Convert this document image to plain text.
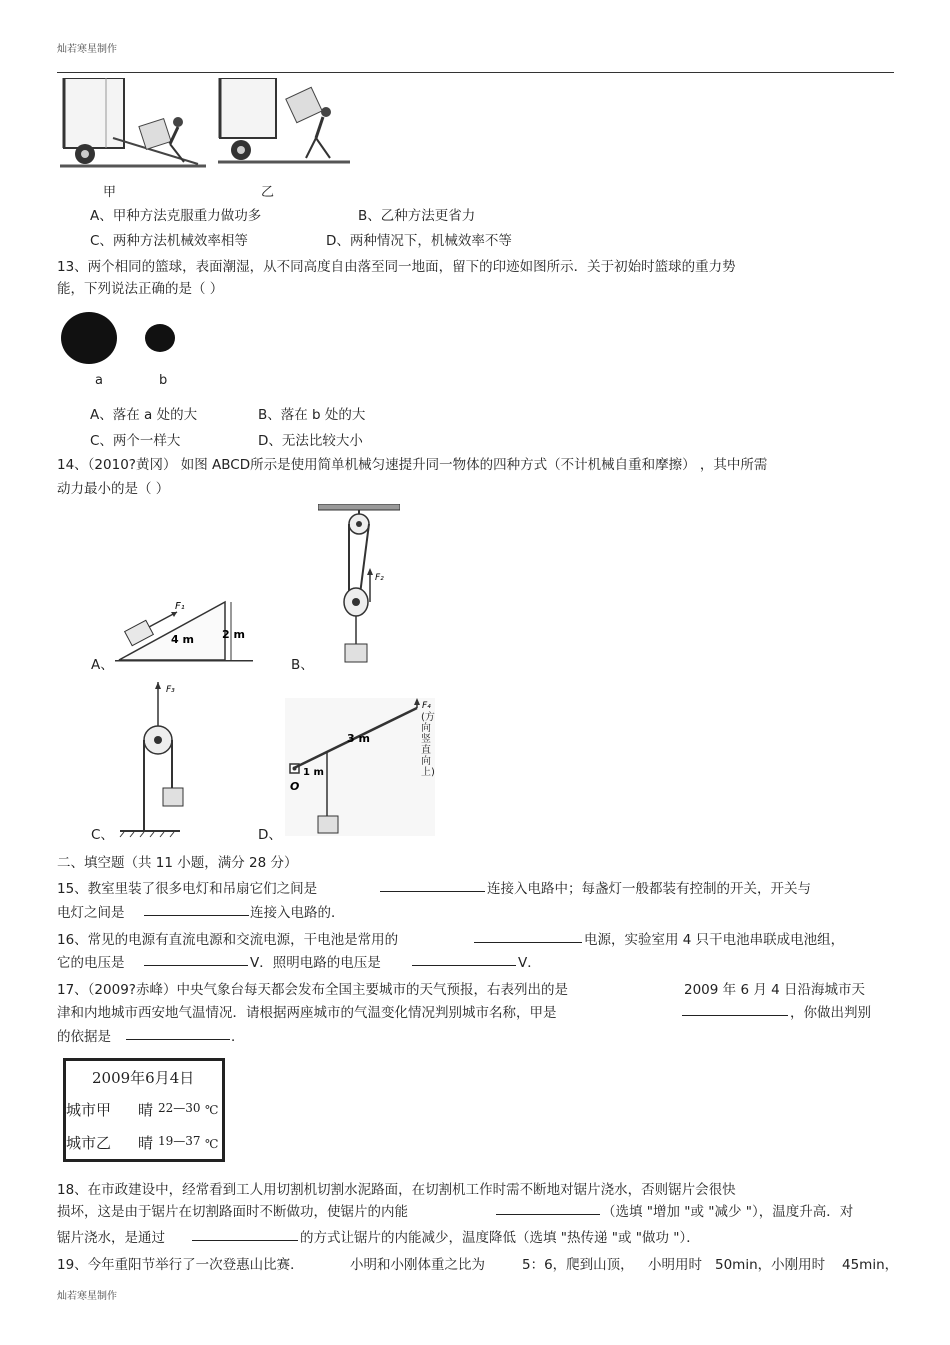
灿若寒星制作
灿若寒星制作
甲	乙
A、甲种方法克服重力做功多	B、乙种方法更省力
C、两种方法机械效率相等	D、两种情况下，机械效率不等
13、两个相同的篮球，表面潮湿，从不同高度自由落至同一地面，留下的印迹如图所示．关于初始时篮球的重力势
能，下列说法正确的是（ ）
a	b
A、落在 a 处的大	B、落在 b 处的大
C、两个一样大	D、无法比较大小
14、（2010?黄冈） 如图 ABCD所示是使用简单机械匀速提升同一物体的四种方式（不计机械自重和摩擦） ，其中所需
动力最小的是（ ）
F₁
4 m	2 m
A、
F₂
B、
F₃
C、
O
3 m
1 m
F₄
(方向竖直向上)
D、
二、填空题（共 11 小题，满分 28 分）
15、教室里装了很多电灯和吊扇它们之间是	连接入电路中；每盏灯一般都装有控制的开关，开关与
电灯之间是	连接入电路的．
16、常见的电源有直流电源和交流电源，干电池是常用的	电源，实验室用 4 只干电池串联成电池组，
它的电压是	V．照明电路的电压是	V．
17、（2009?赤峰）中央气象台每天都会发布全国主要城市的天气预报，右表列出的是	2009 年 6 月 4 日沿海城市天
津和内地城市西安地气温情况．请根据两座城市的气温变化情况判别城市名称，甲是	，你做出判别
的依据是	．
2009年6月4日
城市甲 晴 22—30 ℃
城市乙 晴 19—37 ℃
18、在市政建设中，经常看到工人用切割机切割水泥路面，在切割机工作时需不断地对锯片浇水，否则锯片会很快
损坏，这是由于锯片在切割路面时不断做功，使锯片的内能	（选填 "增加 "或 "减少 "），温度升高．对
锯片浇水，是通过	的方式让锯片的内能减少，温度降低（选填 "热传递 "或 "做功 "）．
19、今年重阳节举行了一次登惠山比赛．	小明和小刚体重之比为	5：6，爬到山顶， 小明用时 50min，小刚用时 45min，
